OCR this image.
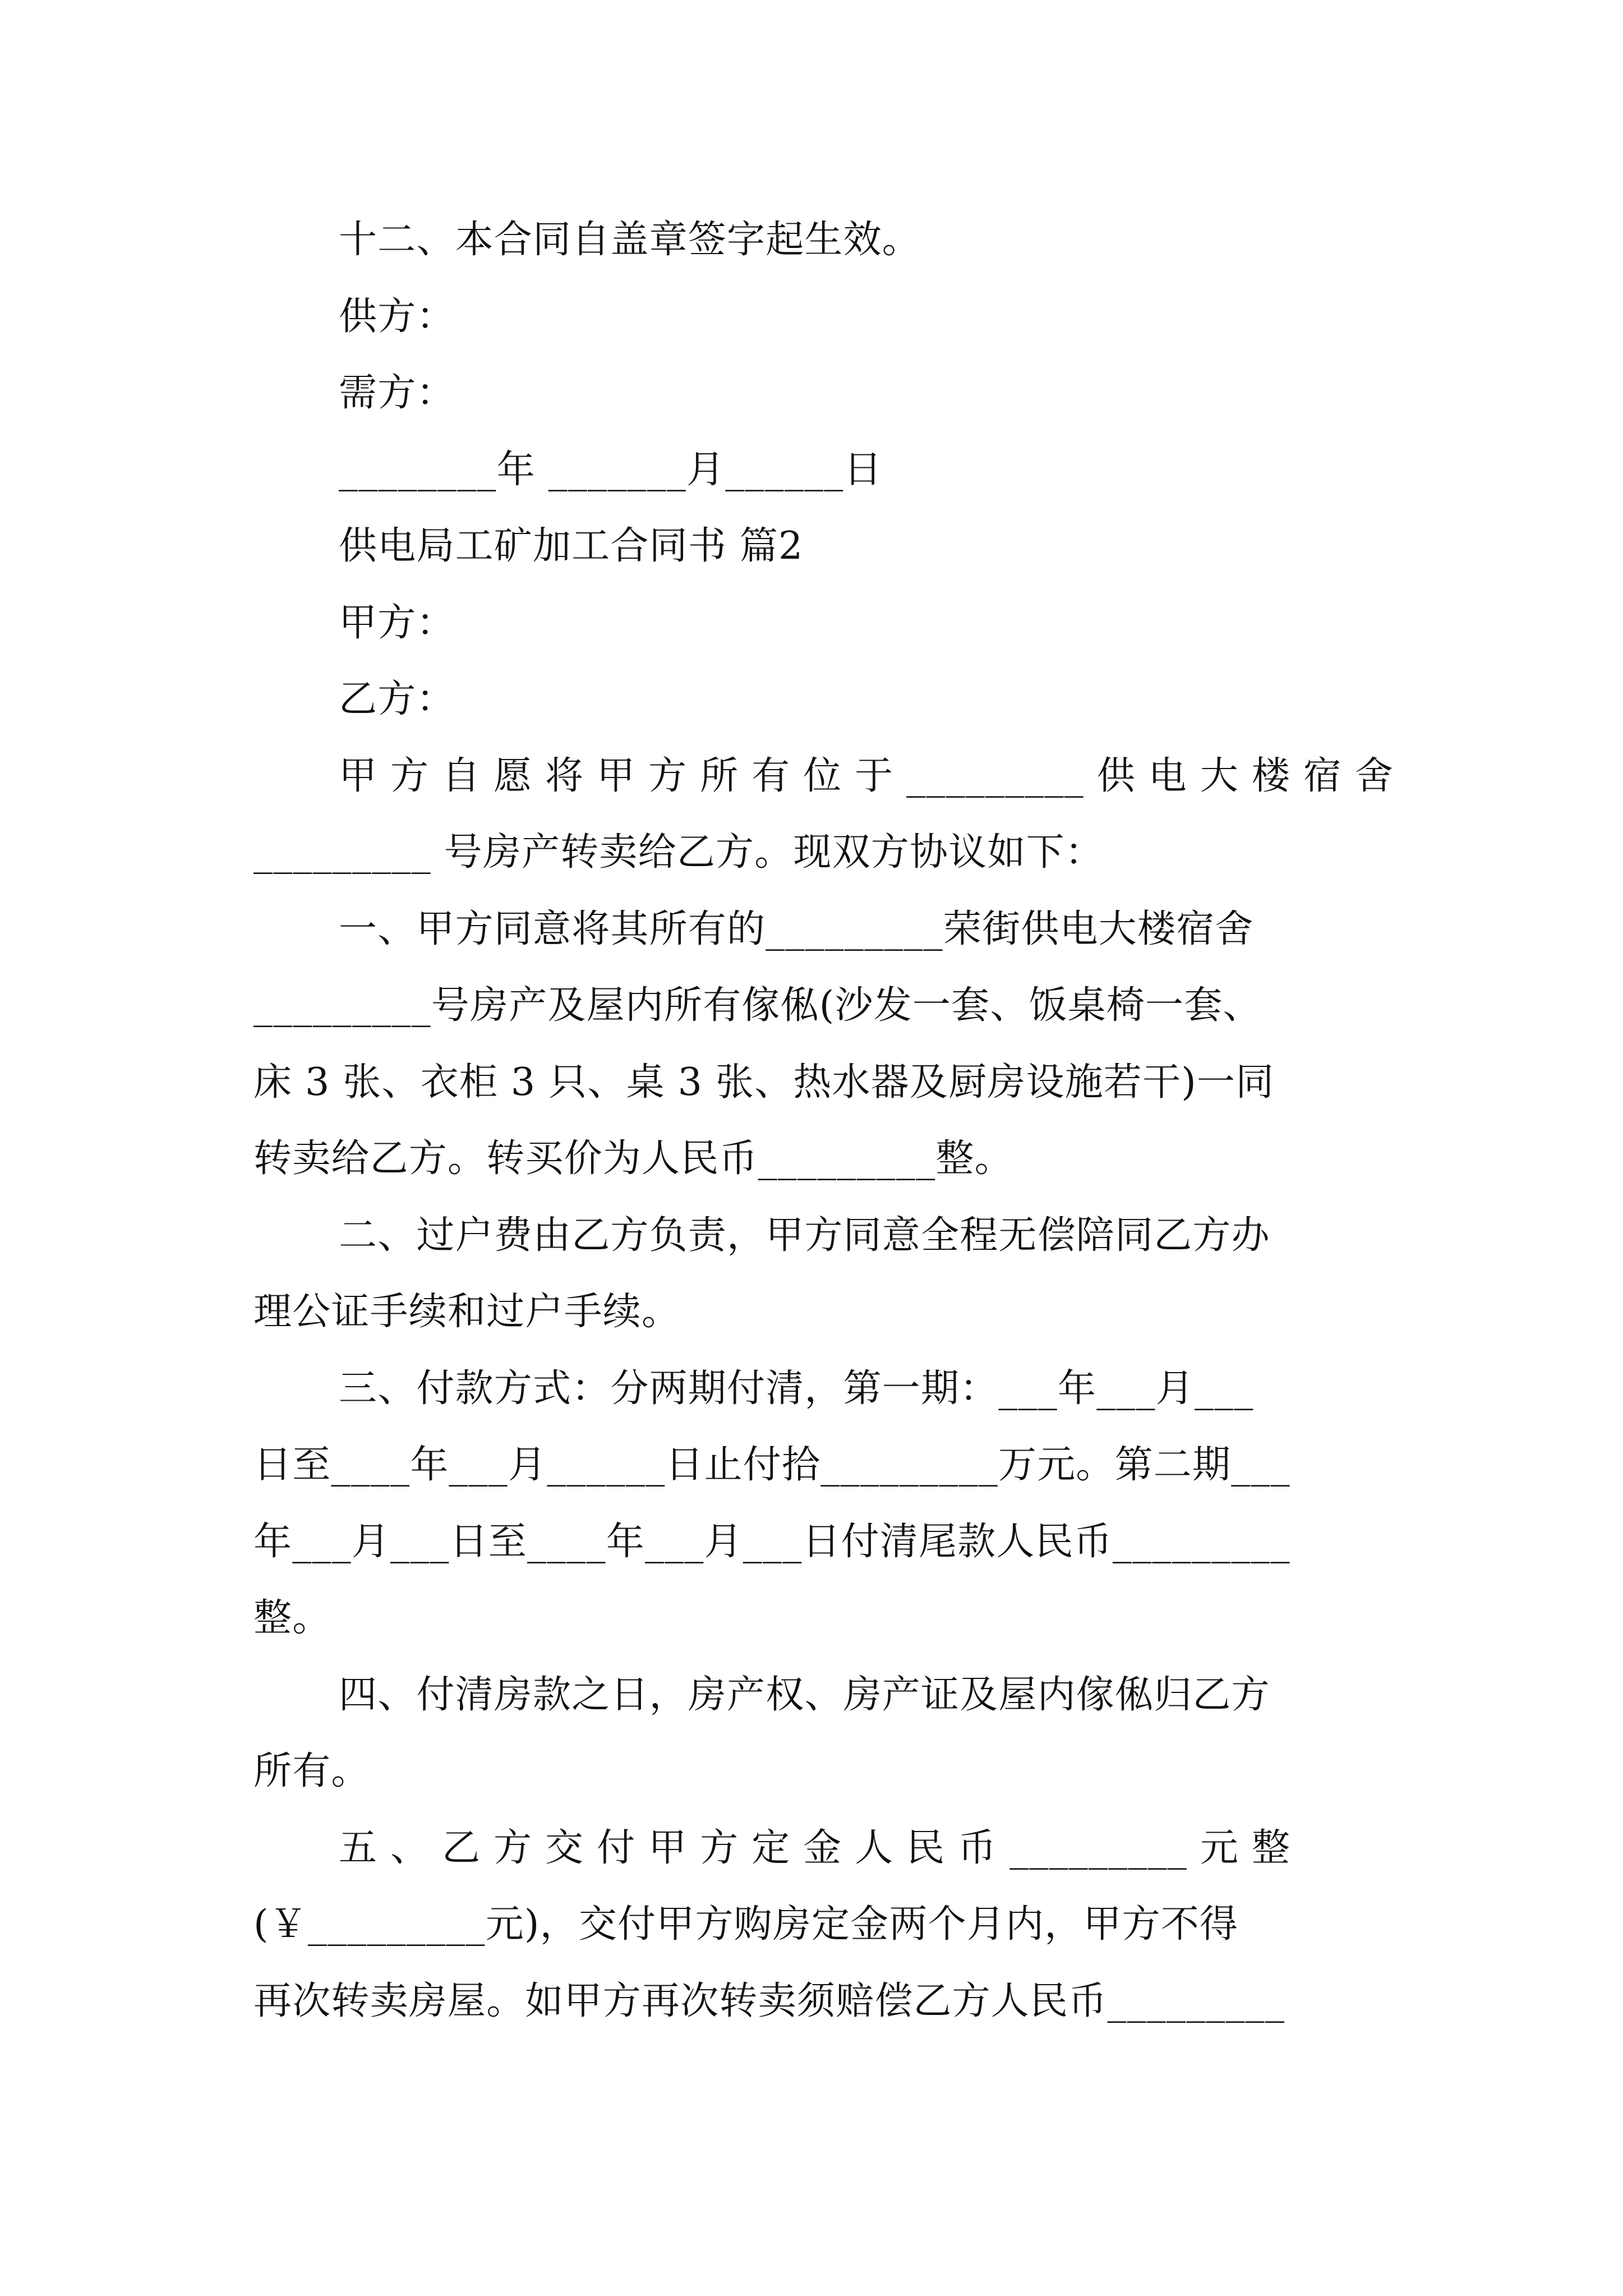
十二、本合同自盖章签字起生效。
供方：
需方：
________年 _______月______日
供电局工矿加工合同书 篇2
甲方：
乙方：
甲 方 自 愿 将 甲 方 所 有 位 于 _________ 供 电 大 楼 宿 舍
_________ 号房产转卖给乙方。现双方协议如下：
一、甲方同意将其所有的_________荣街供电大楼宿舍
_________号房产及屋内所有傢俬(沙发一套、饭桌椅一套、
床 3 张、衣柜 3 只、桌 3 张、热水器及厨房设施若干)一同
转卖给乙方。转买价为人民币_________整。
二、过户费由乙方负责，甲方同意全程无偿陪同乙方办
理公证手续和过户手续。
三、付款方式：分两期付清，第一期：___年___月___
日至____年___月______日止付拾_________万元。第二期___
年___月___日至____年___月___日付清尾款人民币_________
整。
四、付清房款之日，房产权、房产证及屋内傢俬归乙方
所有。
五 、 乙 方 交 付 甲 方 定 金 人 民 币 _________ 元 整
(￥_________元)，交付甲方购房定金两个月内，甲方不得
再次转卖房屋。如甲方再次转卖须赔偿乙方人民币_________
